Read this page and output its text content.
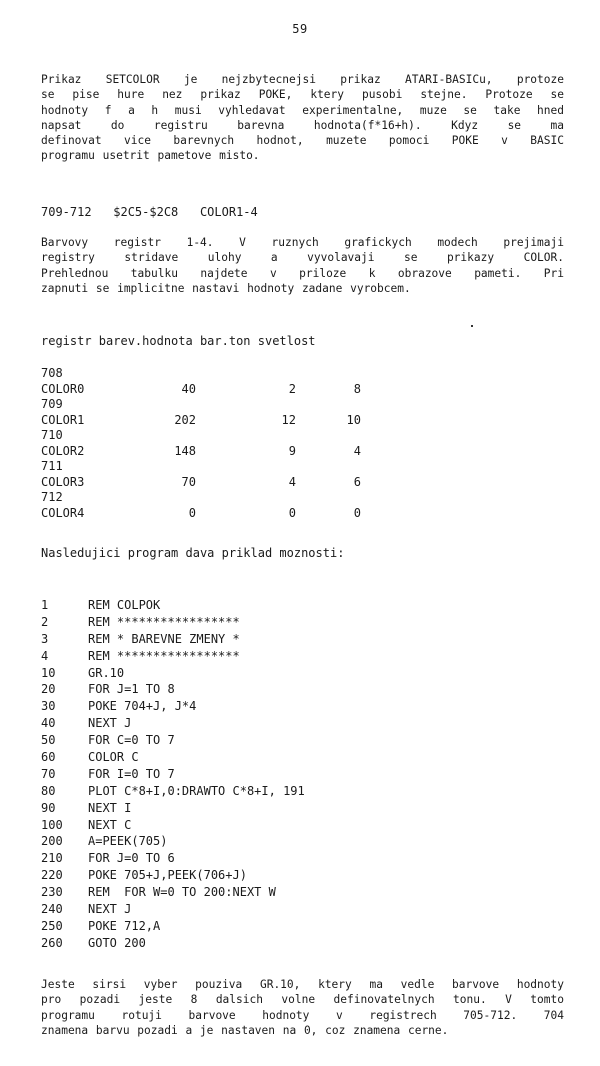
59
Prikaz SETCOLOR je nejzbytecnejsi prikaz ATARI-BASICu, protoze
se pise hure nez prikaz POKE, ktery pusobi stejne. Protoze se
hodnoty f a h musi vyhledavat experimentalne, muze se take hned
napsat do registru barevna hodnota(f*16+h). Kdyz se ma
definovat vice barevnych hodnot, muzete pomoci POKE v BASIC
programu usetrit pametove misto.
709-712   $2C5-$2C8   COLOR1-4
Barvovy registr 1-4. V ruznych grafickych modech prejimaji
registry stridave ulohy a vyvolavaji se prikazy COLOR.
Prehlednou tabulku najdete v priloze k obrazove pameti. Pri
zapnuti se implicitne nastavi hodnoty zadane vyrobcem.
registr barev.hodnota bar.ton svetlost
708
COLOR0	40	2	8
709
COLOR1	202	12	10
710
COLOR2	148	9	4
711
COLOR3	70	4	6
712
COLOR4	0	0	0
Nasledujici program dava priklad moznosti:
1	REM COLPOK
2	REM *****************
3	REM * BAREVNE ZMENY *
4	REM *****************
10	GR.10
20	FOR J=1 TO 8
30	POKE 704+J, J*4
40	NEXT J
50	FOR C=0 TO 7
60	COLOR C
70	FOR I=0 TO 7
80	PLOT C*8+I,0:DRAWTO C*8+I, 191
90	NEXT I
100 NEXT C
200 A=PEEK(705)
210 FOR J=0 TO 6
220 POKE 705+J,PEEK(706+J)
230 REM  FOR W=0 TO 200:NEXT W
240 NEXT J
250 POKE 712,A
260 GOTO 200
Jeste sirsi vyber pouziva GR.10, ktery ma vedle barvove hodnoty
pro pozadi jeste 8 dalsich volne definovatelnych tonu. V tomto
programu rotuji barvove hodnoty v registrech 705-712. 704
znamena barvu pozadi a je nastaven na 0, coz znamena cerne.
